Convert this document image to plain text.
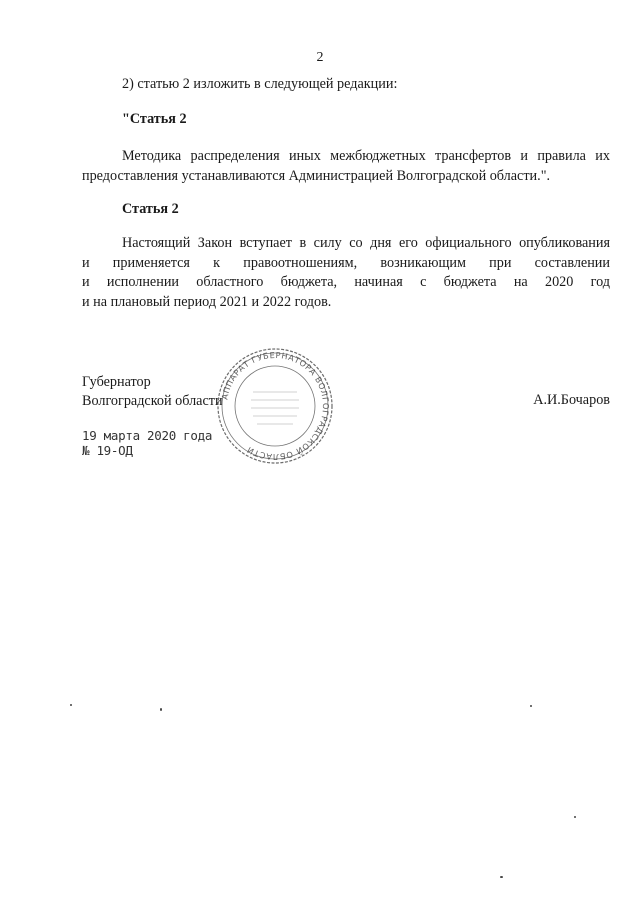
2
2) статью 2 изложить в следующей редакции:
"Статья 2
Методика распределения иных межбюджетных трансфертов и правила их предоставления устанавливаются Администрацией Волгоградской области.".
Статья 2
Настоящий Закон вступает в силу со дня его официального опубликования
и применяется к правоотношениям, возникающим при составлении
и исполнении областного бюджета, начиная с бюджета на 2020 год
и на плановый период 2021 и 2022 годов.
Губернатор
Волгоградской области	А.И.Бочаров
19 марта 2020 года
№ 19-ОД
АППАРАТ ГУБЕРНАТОРА ВОЛГОГРАДСКОЙ ОБЛАСТИ
